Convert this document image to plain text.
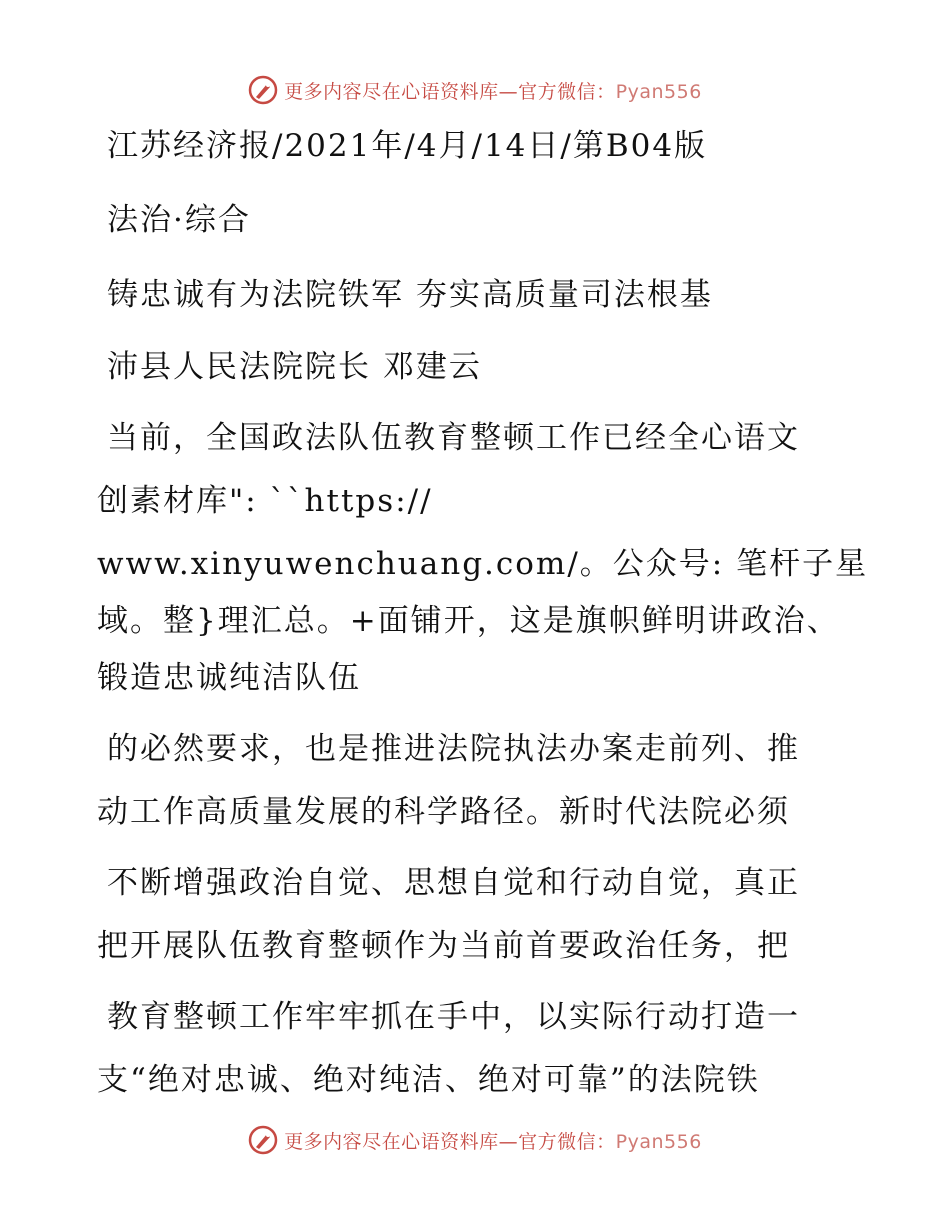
更多内容尽在心语资料库—官方微信：Pyan556
江苏经济报/2021年/4月/14日/第B04版
法治·综合
铸忠诚有为法院铁军 夯实高质量司法根基
沛县人民法院院长 邓建云
当前，全国政法队伍教育整顿工作已经全心语文
创素材库": ``https://
www.xinyuwenchuang.com/。公众号: 笔杆子星
域。整}理汇总。+面铺开，这是旗帜鲜明讲政治、
锻造忠诚纯洁队伍
的必然要求，也是推进法院执法办案走前列、推
动工作高质量发展的科学路径。新时代法院必须
不断增强政治自觉、思想自觉和行动自觉，真正
把开展队伍教育整顿作为当前首要政治任务，把
教育整顿工作牢牢抓在手中，以实际行动打造一
支“绝对忠诚、绝对纯洁、绝对可靠”的法院铁
更多内容尽在心语资料库—官方微信：Pyan556
